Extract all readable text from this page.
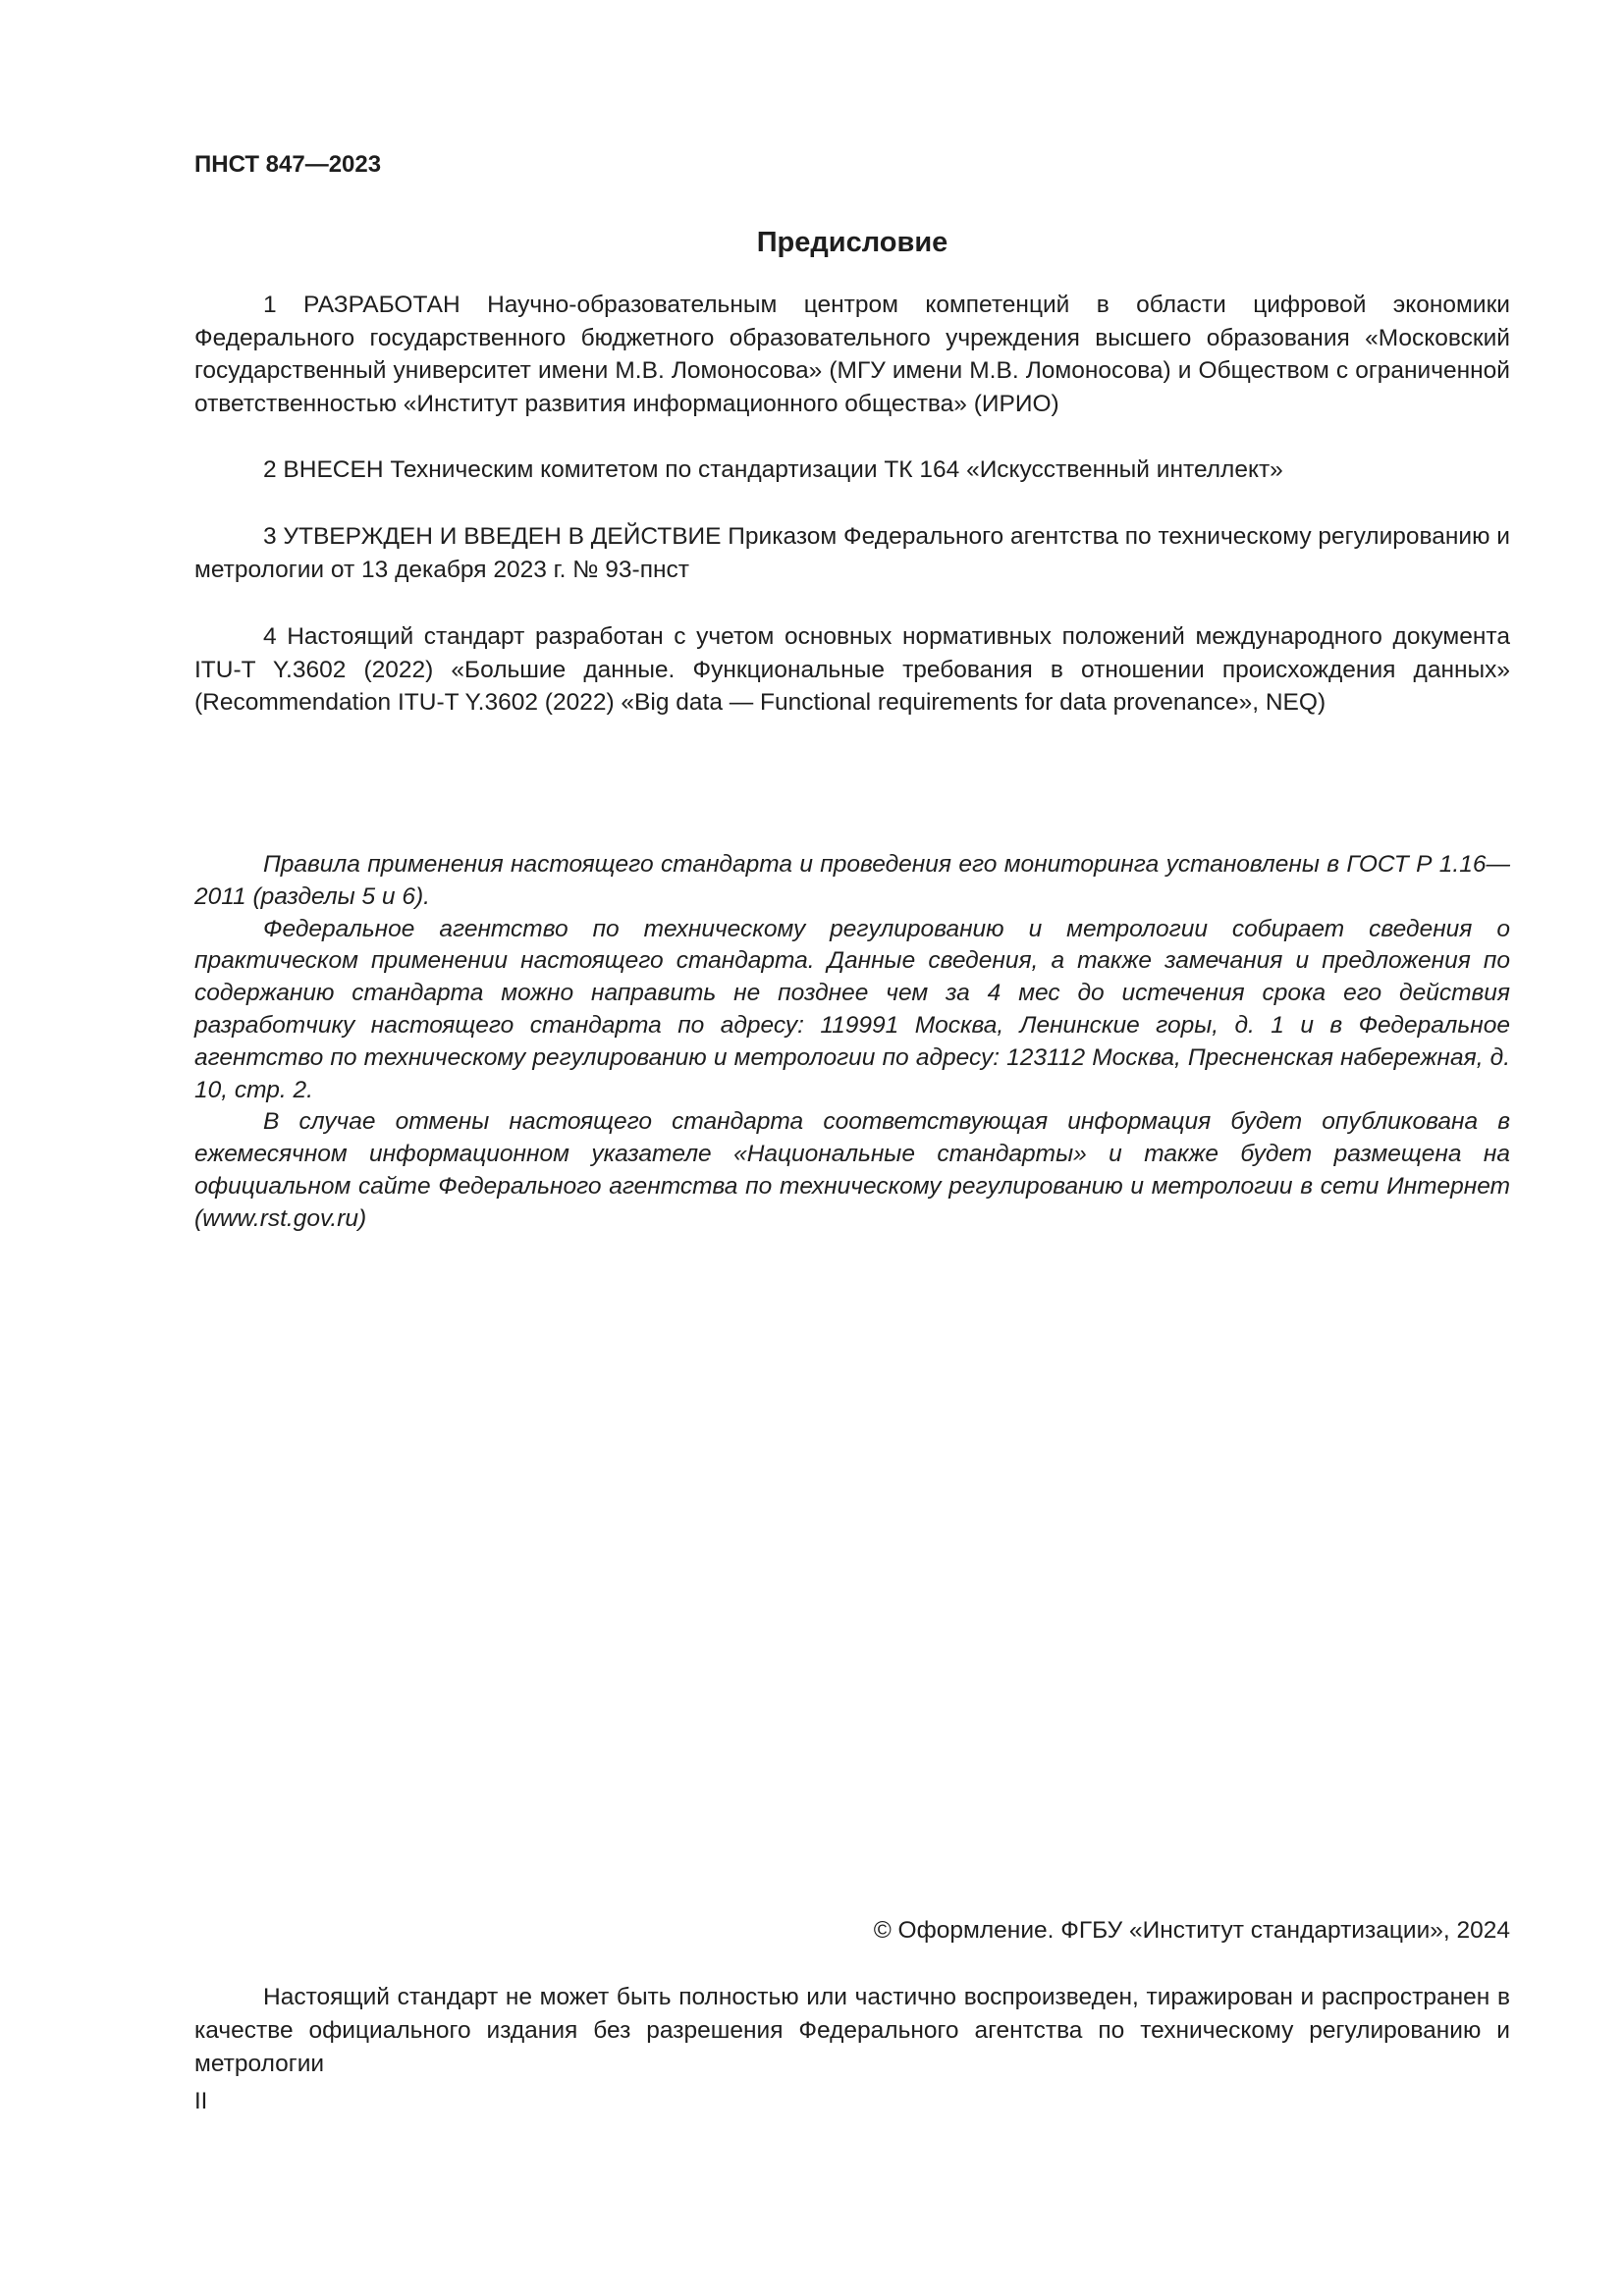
ПНСТ 847—2023
Предисловие
1 РАЗРАБОТАН Научно-образовательным центром компетенций в области цифровой экономики Федерального государственного бюджетного образовательного учреждения высшего образования «Московский государственный университет имени М.В. Ломоносова» (МГУ имени М.В. Ломоносова) и Обществом с ограниченной ответственностью «Институт развития информационного общества» (ИРИО)
2 ВНЕСЕН Техническим комитетом по стандартизации ТК 164 «Искусственный интеллект»
3 УТВЕРЖДЕН И ВВЕДЕН В ДЕЙСТВИЕ Приказом Федерального агентства по техническому регулированию и метрологии от 13 декабря 2023 г. № 93-пнст
4 Настоящий стандарт разработан с учетом основных нормативных положений международного документа ITU-T Y.3602 (2022) «Большие данные. Функциональные требования в отношении происхождения данных» (Recommendation ITU-T Y.3602 (2022) «Big data — Functional requirements for data provenance», NEQ)

Правила применения настоящего стандарта и проведения его мониторинга установлены в ГОСТ Р 1.16—2011 (разделы 5 и 6).

Федеральное агентство по техническому регулированию и метрологии собирает сведения о практическом применении настоящего стандарта. Данные сведения, а также замечания и предложения по содержанию стандарта можно направить не позднее чем за 4 мес до истечения срока его действия разработчику настоящего стандарта по адресу: 119991 Москва, Ленинские горы, д. 1 и в Федеральное агентство по техническому регулированию и метрологии по адресу: 123112 Москва, Пресненская набережная, д. 10, стр. 2.

В случае отмены настоящего стандарта соответствующая информация будет опубликована в ежемесячном информационном указателе «Национальные стандарты» и также будет размещена на официальном сайте Федерального агентства по техническому регулированию и метрологии в сети Интернет (www.rst.gov.ru)

© Оформление. ФГБУ «Институт стандартизации», 2024
Настоящий стандарт не может быть полностью или частично воспроизведен, тиражирован и распространен в качестве официального издания без разрешения Федерального агентства по техническому регулированию и метрологии
II
